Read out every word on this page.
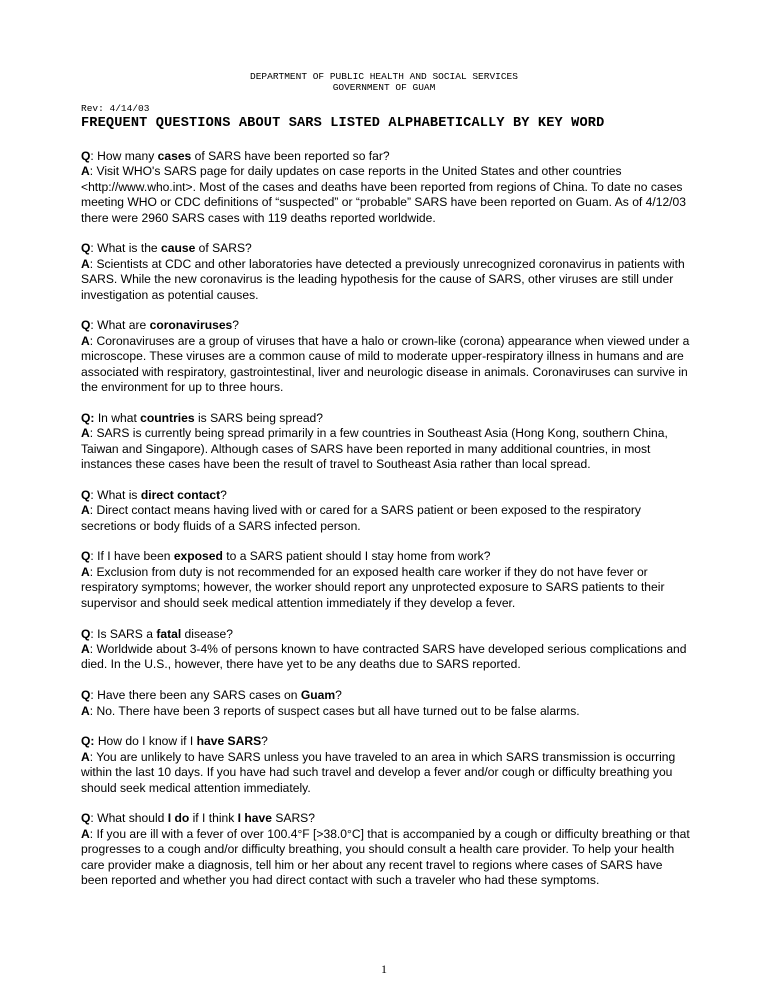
DEPARTMENT OF PUBLIC HEALTH AND SOCIAL SERVICES
GOVERNMENT OF GUAM
Rev: 4/14/03
FREQUENT QUESTIONS ABOUT SARS LISTED ALPHABETICALLY BY KEY WORD

Q: How many cases of SARS have been reported so far?

A: Visit WHO's SARS page for daily updates on case reports in the United States and other countries <http://www.who.int>. Most of the cases and deaths have been reported from regions of China. To date no cases meeting WHO or CDC definitions of “suspected” or “probable” SARS have been reported on Guam. As of 4/12/03 there were 2960 SARS cases with 119 deaths reported worldwide.

Q: What is the cause of SARS?

A: Scientists at CDC and other laboratories have detected a previously unrecognized coronavirus in patients with SARS. While the new coronavirus is the leading hypothesis for the cause of SARS, other viruses are still under investigation as potential causes.

Q: What are coronaviruses?

A: Coronaviruses are a group of viruses that have a halo or crown-like (corona) appearance when viewed under a microscope. These viruses are a common cause of mild to moderate upper-respiratory illness in humans and are associated with respiratory, gastrointestinal, liver and neurologic disease in animals. Coronaviruses can survive in the environment for up to three hours.

Q: In what countries is SARS being spread?

A: SARS is currently being spread primarily in a few countries in Southeast Asia (Hong Kong, southern China, Taiwan and Singapore). Although cases of SARS have been reported in many additional countries, in most instances these cases have been the result of travel to Southeast Asia rather than local spread.

Q: What is direct contact?

A: Direct contact means having lived with or cared for a SARS patient or been exposed to the respiratory secretions or body fluids of a SARS infected person.

Q: If I have been exposed to a SARS patient should I stay home from work?

A: Exclusion from duty is not recommended for an exposed health care worker if they do not have fever or respiratory symptoms; however, the worker should report any unprotected exposure to SARS patients to their supervisor and should seek medical attention immediately if they develop a fever.

Q: Is SARS a fatal disease?

A: Worldwide about 3-4% of persons known to have contracted SARS have developed serious complications and died. In the U.S., however, there have yet to be any deaths due to SARS reported.

Q: Have there been any SARS cases on Guam?

A: No. There have been 3 reports of suspect cases but all have turned out to be false alarms.

Q: How do I know if I have SARS?

A: You are unlikely to have SARS unless you have traveled to an area in which SARS transmission is occurring within the last 10 days. If you have had such travel and develop a fever and/or cough or difficulty breathing you should seek medical attention immediately.

Q: What should I do if I think I have SARS?

A: If you are ill with a fever of over 100.4°F [>38.0°C] that is accompanied by a cough or difficulty breathing or that progresses to a cough and/or difficulty breathing, you should consult a health care provider. To help your health care provider make a diagnosis, tell him or her about any recent travel to regions where cases of SARS have been reported and whether you had direct contact with such a traveler who had these symptoms.

1
